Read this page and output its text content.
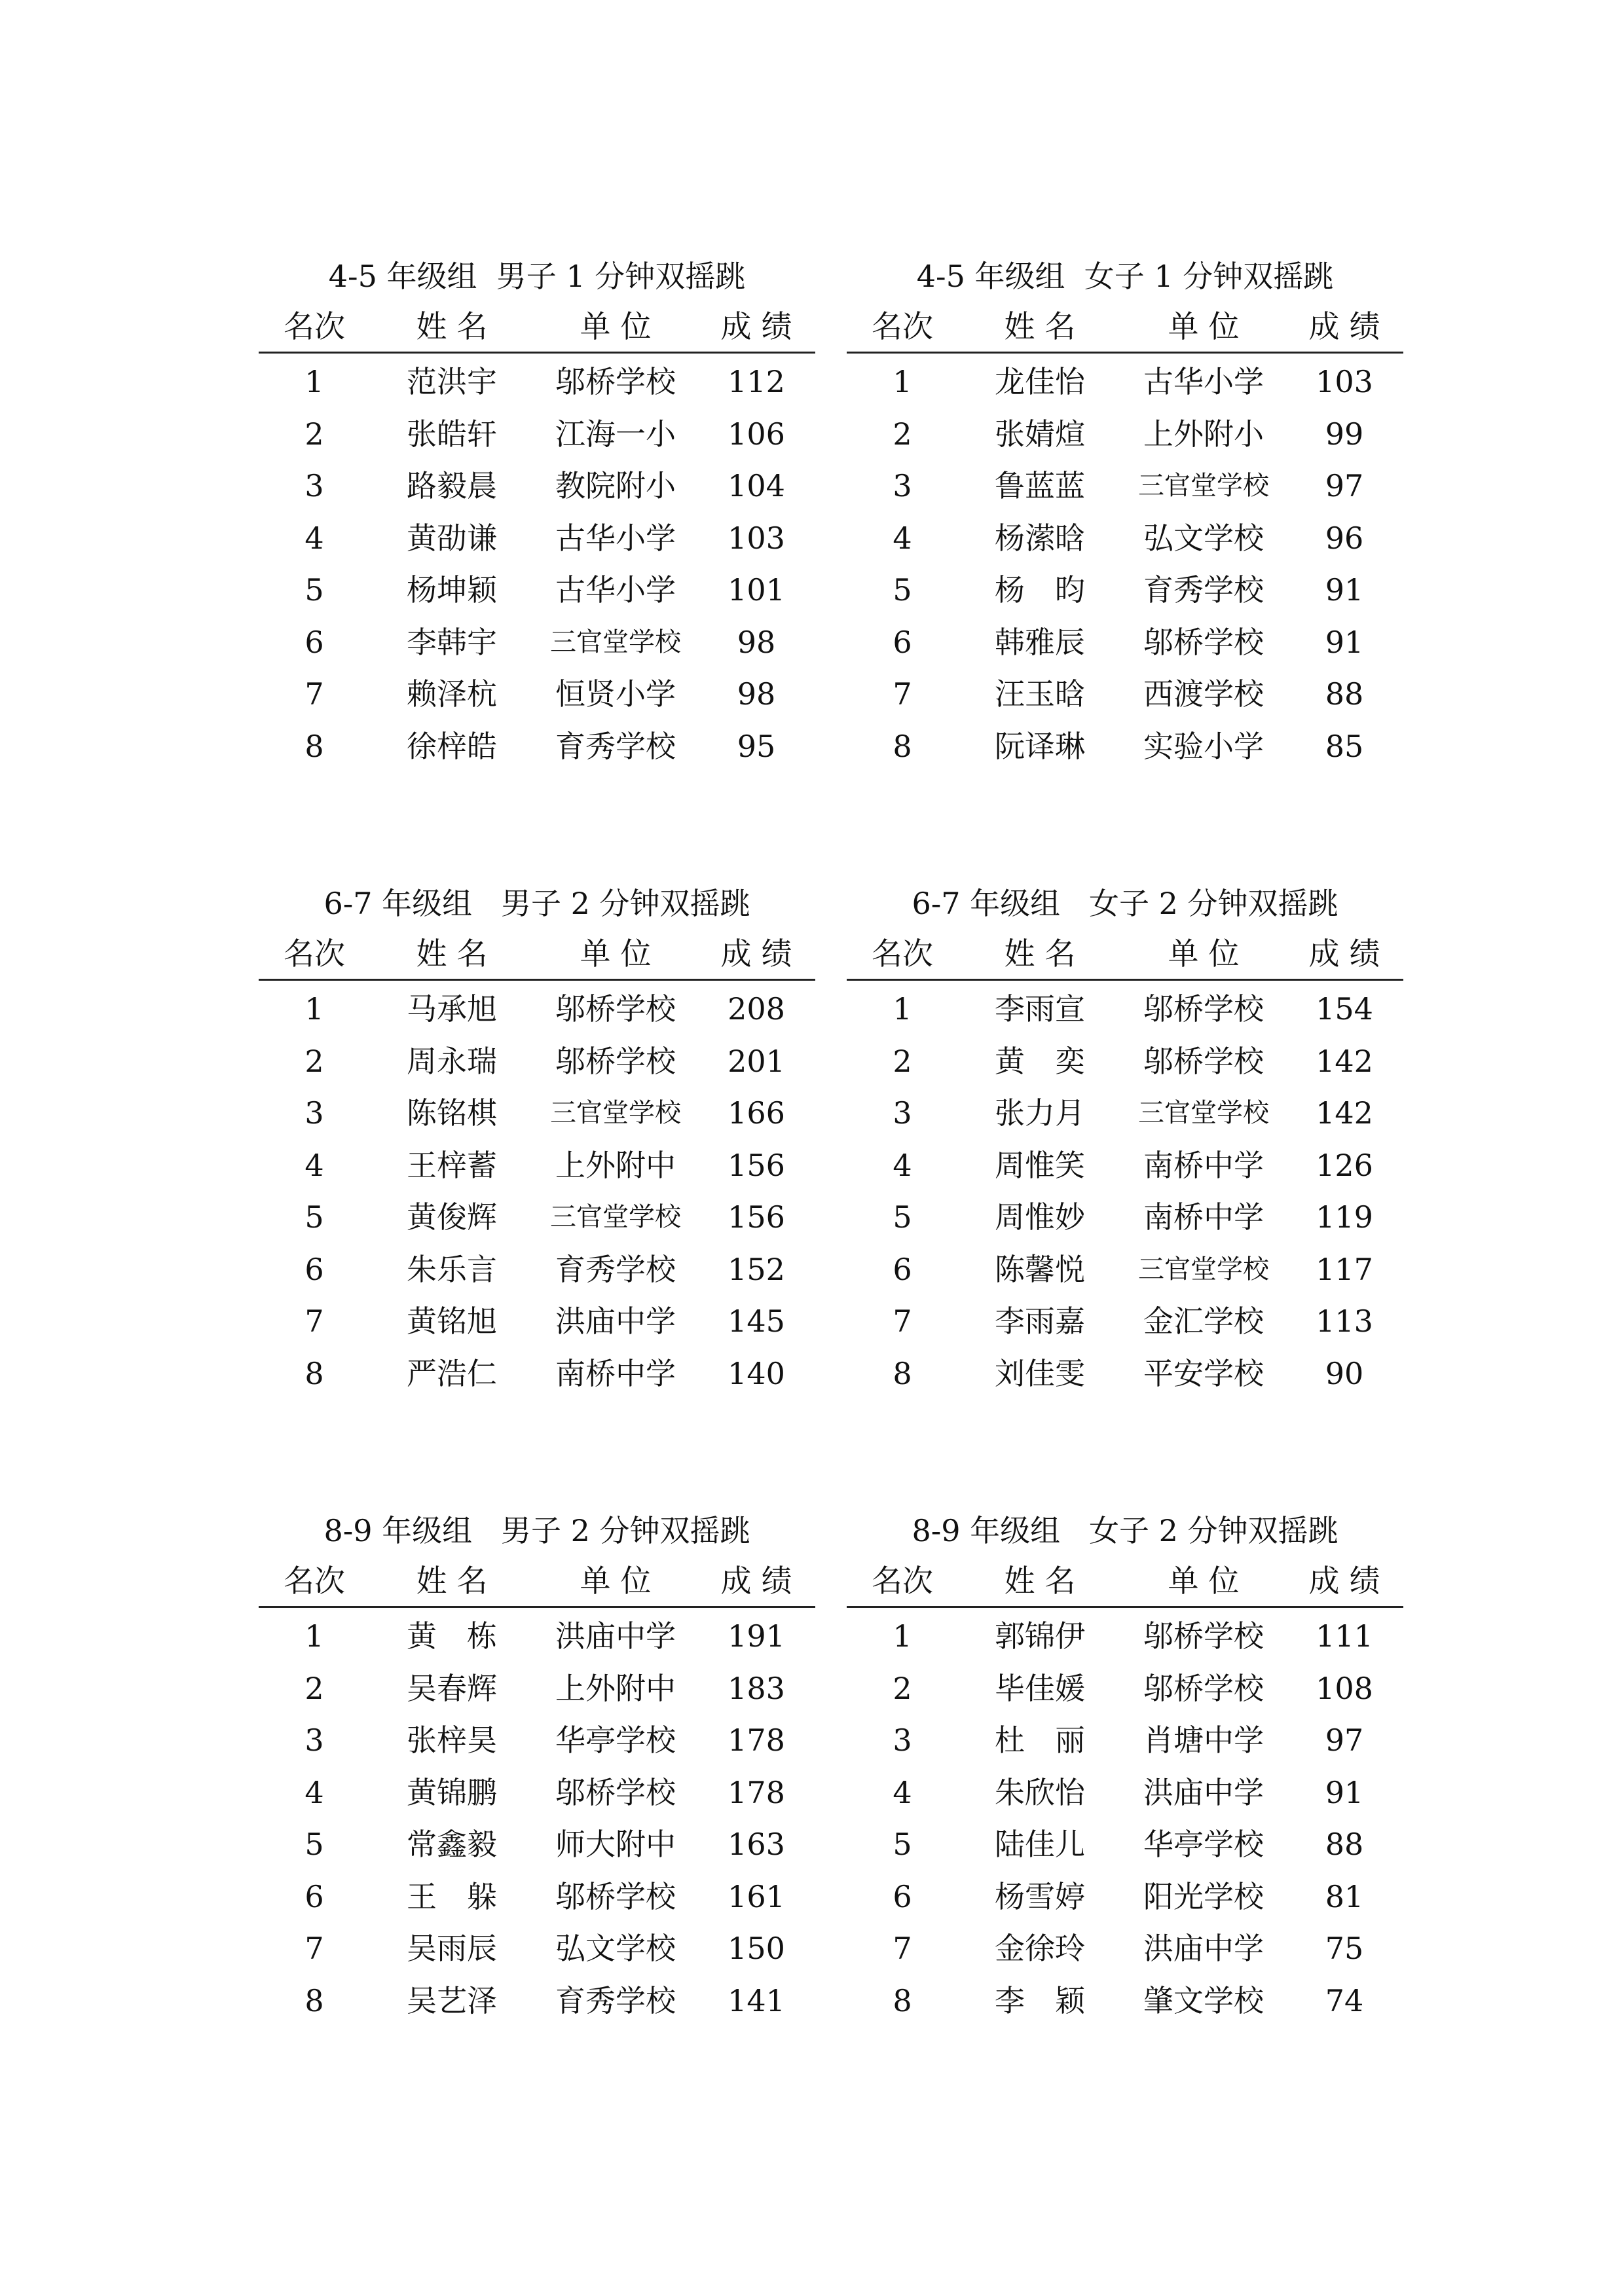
4-5 年级组  男子 1 分钟双摇跳
名次	姓 名	单 位	成 绩
1	范洪宇	邬桥学校	112
2	张皓轩	江海一小	106
3	路毅晨	教院附小	104
4	黄劭谦	古华小学	103
5	杨坤颖	古华小学	101
6	李韩宇	三官堂学校	98
7	赖泽杭	恒贤小学	98
8	徐梓皓	育秀学校	95
4-5 年级组  女子 1 分钟双摇跳
名次	姓 名	单 位	成 绩
1	龙佳怡	古华小学	103
2	张婧煊	上外附小	99
3	鲁蓝蓝	三官堂学校	97
4	杨潆晗	弘文学校	96
5	杨　昀	育秀学校	91
6	韩雅辰	邬桥学校	91
7	汪玉晗	西渡学校	88
8	阮译琳	实验小学	85
6-7 年级组   男子 2 分钟双摇跳
名次	姓 名	单 位	成 绩
1	马承旭	邬桥学校	208
2	周永瑞	邬桥学校	201
3	陈铭棋	三官堂学校	166
4	王梓蓄	上外附中	156
5	黄俊辉	三官堂学校	156
6	朱乐言	育秀学校	152
7	黄铭旭	洪庙中学	145
8	严浩仁	南桥中学	140
6-7 年级组   女子 2 分钟双摇跳
名次	姓 名	单 位	成 绩
1	李雨宣	邬桥学校	154
2	黄　奕	邬桥学校	142
3	张力月	三官堂学校	142
4	周惟笑	南桥中学	126
5	周惟妙	南桥中学	119
6	陈馨悦	三官堂学校	117
7	李雨嘉	金汇学校	113
8	刘佳雯	平安学校	90
8-9 年级组   男子 2 分钟双摇跳
名次	姓 名	单 位	成 绩
1	黄　栋	洪庙中学	191
2	吴春辉	上外附中	183
3	张梓昊	华亭学校	178
4	黄锦鹏	邬桥学校	178
5	常鑫毅	师大附中	163
6	王　躲	邬桥学校	161
7	吴雨辰	弘文学校	150
8	吴艺泽	育秀学校	141
8-9 年级组   女子 2 分钟双摇跳
名次	姓 名	单 位	成 绩
1	郭锦伊	邬桥学校	111
2	毕佳媛	邬桥学校	108
3	杜　丽	肖塘中学	97
4	朱欣怡	洪庙中学	91
5	陆佳儿	华亭学校	88
6	杨雪婷	阳光学校	81
7	金徐玲	洪庙中学	75
8	李　颖	肇文学校	74
